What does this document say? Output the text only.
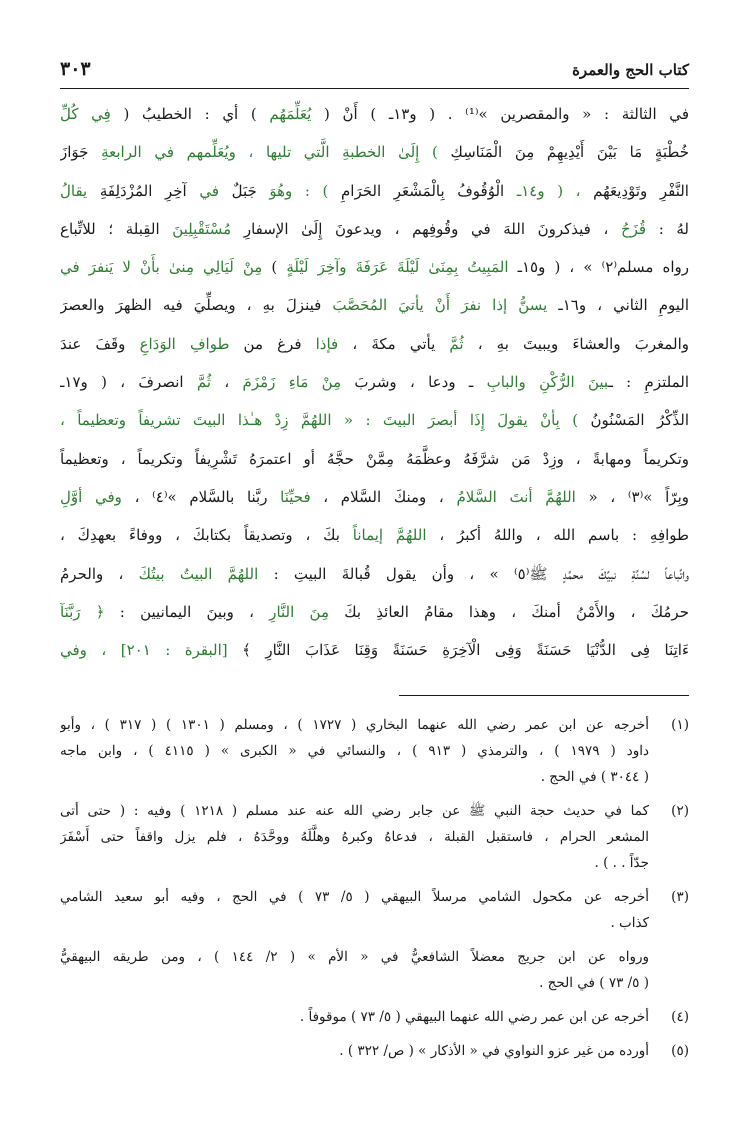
كتاب الحج والعمرة
٣٠٣
في الثالثة : « والمقصرين »⁽¹⁾ . ( و١٣ـ ) أَنْ ( يُعَلِّمَهُم ) أي : الخطيبُ ( فِي كُلِّ
خُطْبَةٍ مَا بَيْنَ أَيْدِيهِمْ مِنَ الْمَنَاسِكِ ) إِلَىٰ الخطبةِ الَّتي تليها ، ويُعَلِّمهم في الرابعةِ جَوَازَ
النَّفْرِ وتَوْدِيعَهُم ، ( و١٤ـ الْوُقُوفُ بِالْمَشْعَرِ الحَرَامِ ) : وهُوَ جَبَلٌ في آخِرِ المُزْدَلِفَةِ يقالُ
لهُ : قُزَحُ ، فيذكرونَ اللهَ في وقُوفِهم ، ويدعونَ إِلَىٰ الإسفارِ مُسْتَقْبِلِينَ القِبلة ؛ للاتِّباع
رواه مسلم⁽٢⁾ » ، ( و١٥ـ المَبِيتُ بِمِنَىٰ لَيْلَةَ عَرَفَةَ وآخِرَ لَيْلَةٍ ) مِنْ لَيَالِي مِنىٰ بأَنْ لا يَنفرَ في
اليومِ الثاني ، و١٦ـ يسنُّ إذا نفرَ أَنْ يأتيَ المُحَصَّبَ فينزلَ بهِ ، ويصلِّيَ فيه الظهرَ والعصرَ
والمغربَ والعشاءَ ويبيتَ بهِ ، ثُمَّ يأتي مكةَ ، فإذا فرغ من طوافِ الوَدَاعِ وقَفَ عندَ
الملتزمِ : ـبينَ الرُّكْنِ والبابِ ـ ودعا ، وشربَ مِنْ مَاءِ زَمْزَمَ ، ثُمَّ انصرفَ ، ( و١٧ـ
الذِّكْرُ المَسْنُونُ ) بِأنْ يقولَ إِذَا أبصرَ البيتَ : « اللهُمَّ زِدْ هـٰذا البيتَ تشريفاً وتعظيماً ،
وتكريماً ومهابةً ، وزِدْ مَن شرَّفَهُ وعظَّمَهُ مِمَّنْ حجَّهُ أو اعتمرَهُ تَشْرِيفاً وتكريماً ، وتعظيماً
وبِرّاً »⁽٣⁾ ، « اللهُمَّ أنتَ السَّلامُ ، ومنكَ السَّلام ، فحيِّنَا ربَّنا بالسَّلام »⁽٤⁾ ، وفي أوَّلِ
طوافِهِ : باسم الله ، واللهُ أكبرُ ، اللهُمَّ إيماناً بكَ ، وتصديقاً بكتابكَ ، ووفاءً بعهدِكَ ،
واتِّباعاً لسُنَّةِ نبيِّكَ محمَّدٍ ﷺ⁽٥⁾ » ، وأن يقول قُبالةَ البيتِ : اللهُمَّ البيتُ بيتُكَ ، والحرمُ
حرمُكَ ، والأَمْنُ أمنكَ ، وهذا مقامُ العائذِ بكَ مِنَ النَّارِ ، وبينَ اليمانيين : ﴿ رَبَّنَآ
ءَاتِنَا فِى الدُّنْيَا حَسَنَةً وَفِى الْآخِرَةِ حَسَنَةً وَقِنَا عَذَابَ النَّارِ ﴾ [البقرة : ٢٠١] ، وفي
(١)
أخرجه عن ابن عمر رضي الله عنهما البخاري ( ١٧٢٧ ) ، ومسلم ( ١٣٠١ ) ( ٣١٧ ) ، وأبو
داود ( ١٩٧٩ ) ، والترمذي ( ٩١٣ ) ، والنسائي في « الكبرى » ( ٤١١٥ ) ، وابن ماجه
( ٣٠٤٤ ) في الحج .
(٢)
كما في حديث حجة النبي ﷺ عن جابر رضي الله عنه عند مسلم ( ١٢١٨ ) وفيه : ( حتى أتى
المشعر الحرام ، فاستقبل القبلة ، فدعاهُ وكبرهُ وهلَّلَهُ ووحَّدَهُ ، فلم يزل واقفاً حتى أَسْفَرَ
جدّاً . . ) .
(٣)
أخرجه عن مكحول الشامي مرسلاً البيهقي ( ٥/ ٧٣ ) في الحج ، وفيه أبو سعيد الشامي
كذاب .
ورواه عن ابن جريج معضلاً الشافعيُّ في « الأم » ( ٢/ ١٤٤ ) ، ومن طريقه البيهقيُّ
( ٥/ ٧٣ ) في الحج .
(٤)
أخرجه عن ابن عمر رضي الله عنهما البيهقي ( ٥/ ٧٣ ) موقوفاً .
(٥)
أورده من غير عزو النواوي في « الأذكار » ( ص/ ٣٢٢ ) .
